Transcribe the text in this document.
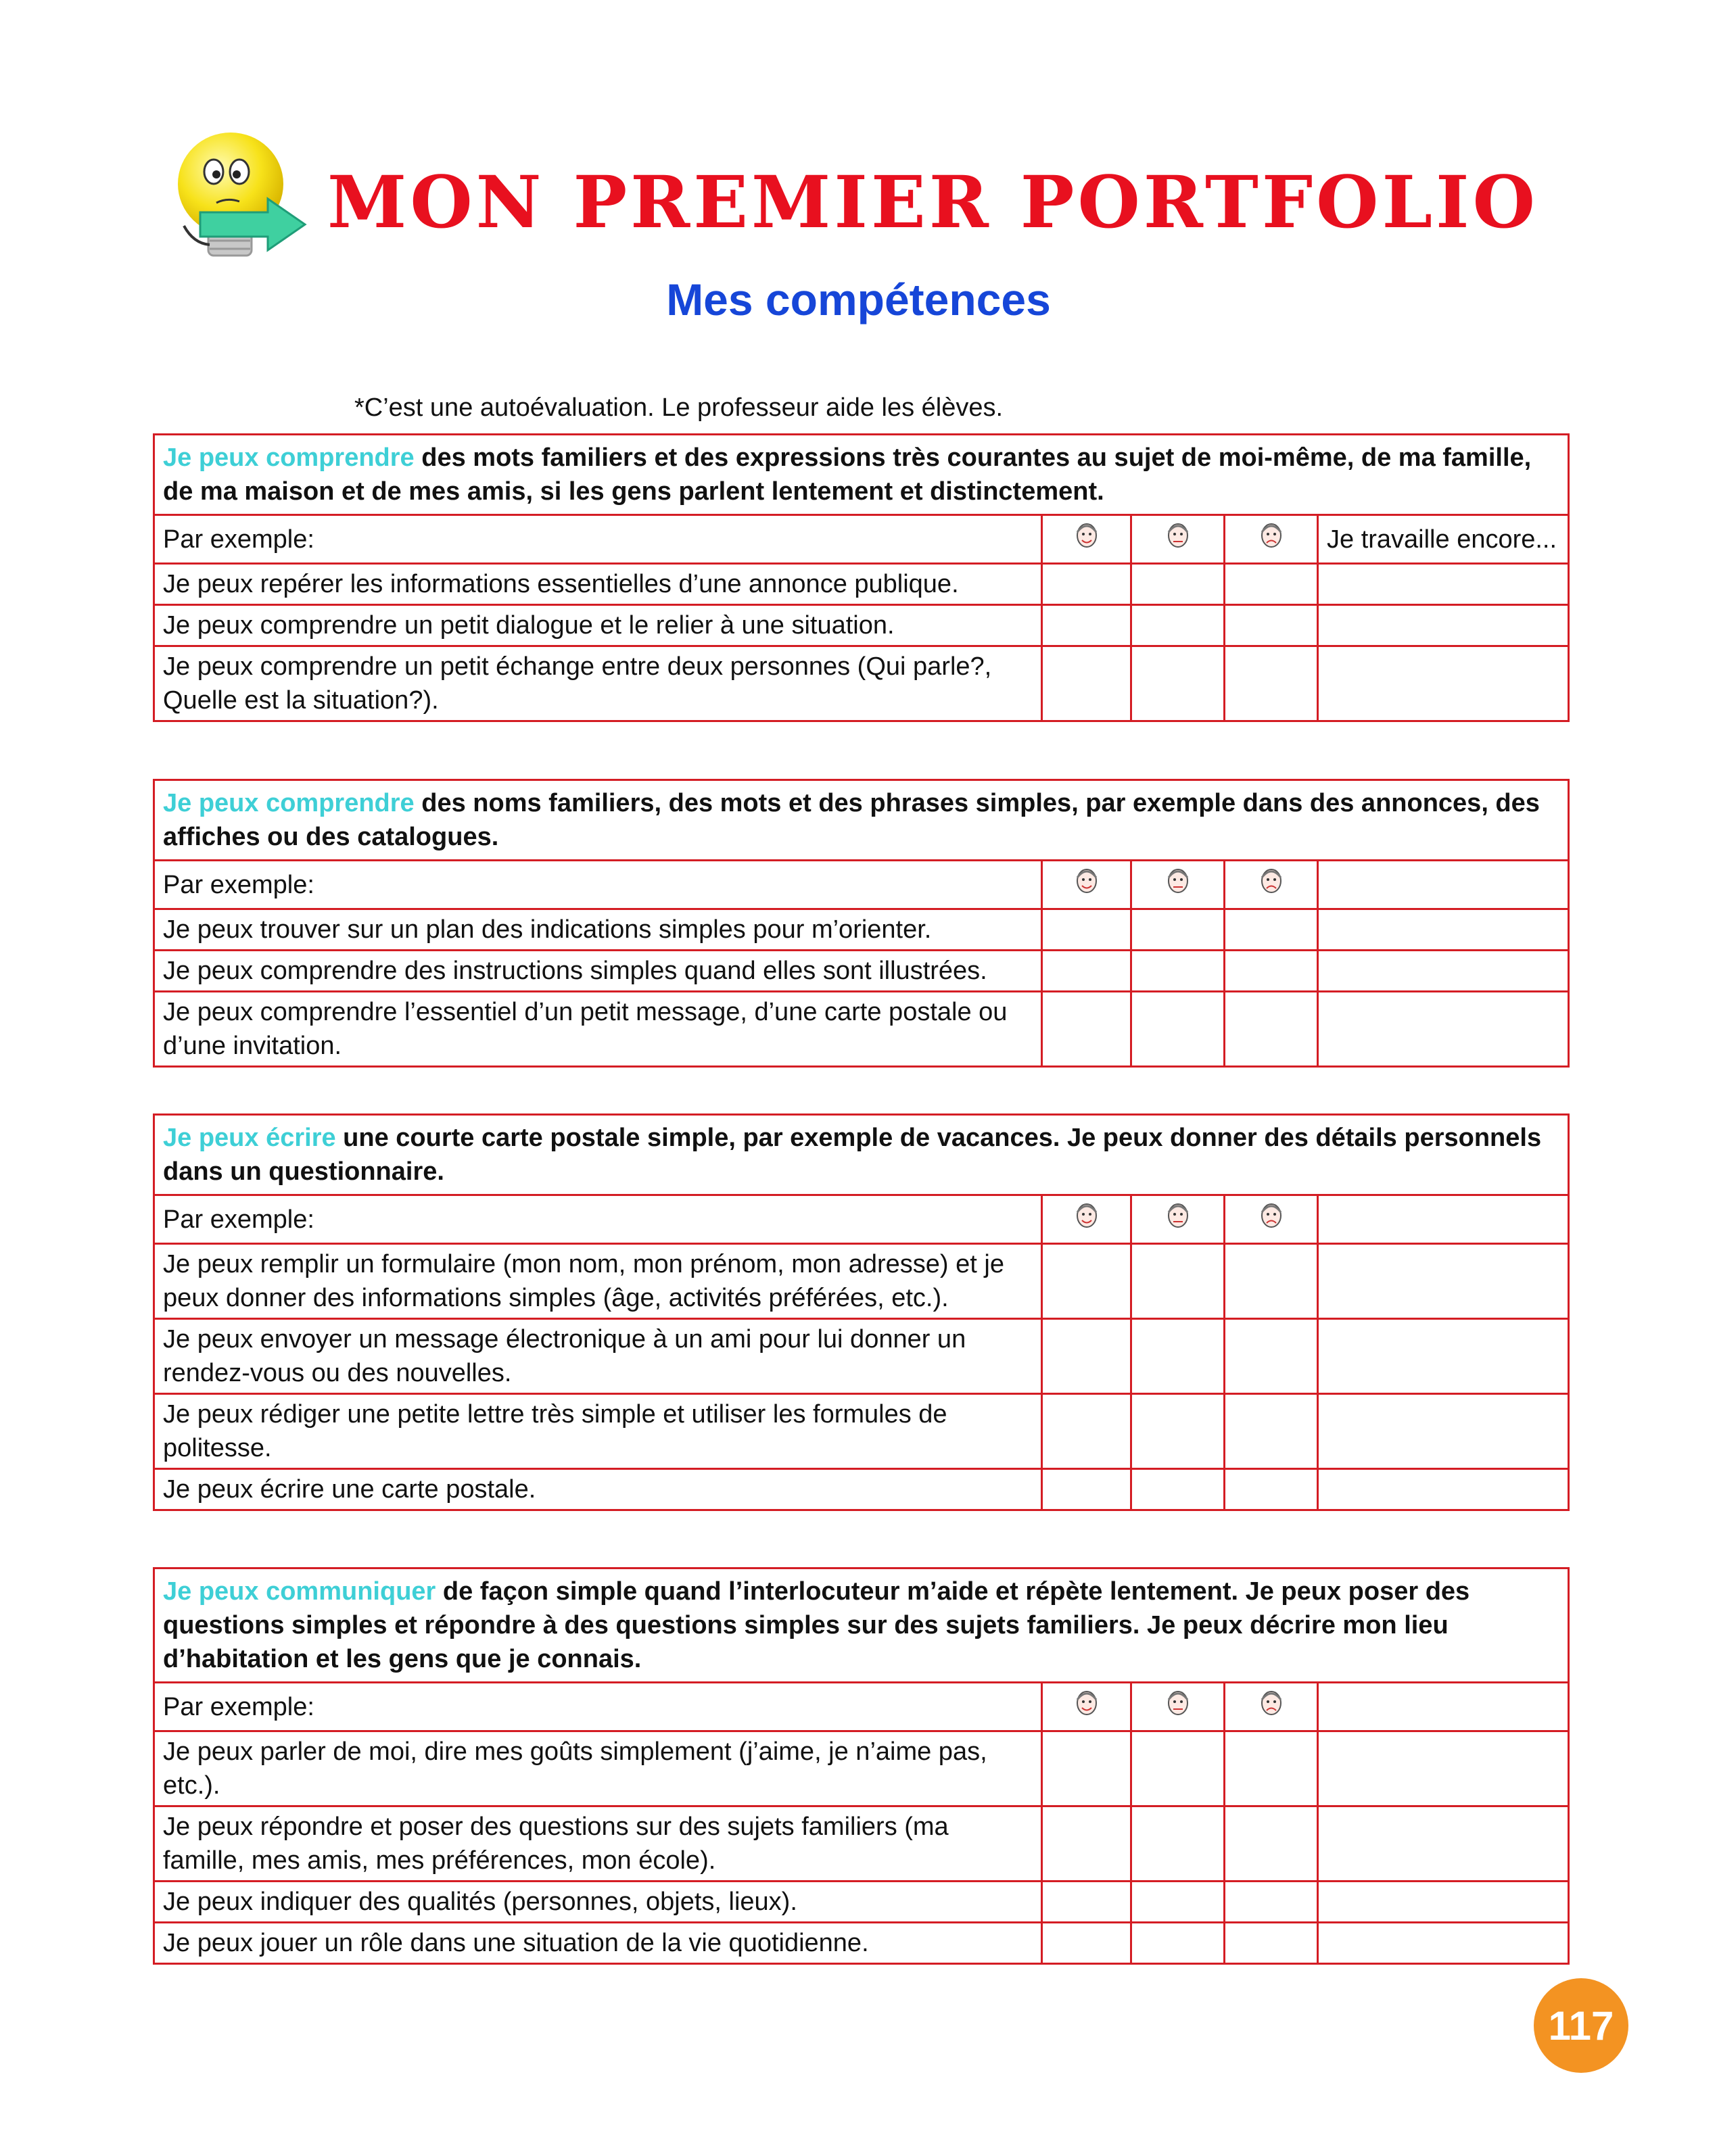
MON PREMIER PORTFOLIO
Mes compétences
*C’est une autoévaluation. Le professeur aide les élèves.
Je peux comprendre des mots familiers et des expressions très courantes au sujet de moi-même, de ma famille, de ma maison et de mes amis, si les gens parlent lentement et distinctement.				
Par exemple:				Je travaille encore...
Je peux repérer les informations essentielles d’une annonce publique.				
Je peux comprendre un petit dialogue et le relier à une situation.				
Je peux comprendre un petit échange entre deux personnes (Qui parle?, Quelle est la situation?).				
Je peux comprendre des noms familiers, des mots et des phrases simples, par exemple dans des annonces, des affiches ou des catalogues.				
Par exemple:				
Je peux trouver sur un plan des indications simples pour m’orienter.				
Je peux comprendre des instructions simples quand elles sont illustrées.				
Je peux comprendre l’essentiel d’un petit message, d’une carte postale ou d’une invitation.				
Je peux écrire une courte carte postale simple, par exemple de vacances. Je peux donner des détails personnels dans un questionnaire.				
Par exemple:				
Je peux remplir un formulaire (mon nom, mon prénom, mon adresse) et je peux donner des informations simples (âge, activités préférées, etc.).				
Je peux envoyer un message électronique à un ami pour lui donner un rendez-vous ou des nouvelles.				
Je peux rédiger une petite lettre très simple et utiliser les formules de politesse.				
Je peux écrire une carte postale.				
Je peux communiquer de façon simple quand l’interlocuteur m’aide et répète lentement. Je peux poser des questions simples et répondre à des questions simples sur des sujets familiers. Je peux décrire mon lieu d’habitation et les gens que je connais.				
Par exemple:				
Je peux parler de moi, dire mes goûts simplement (j’aime, je n’aime pas, etc.).				
Je peux répondre et poser des questions sur des sujets familiers (ma famille, mes amis, mes préférences, mon école).				
Je peux indiquer des qualités (personnes, objets, lieux).				
Je peux jouer un rôle dans une situation de la vie quotidienne.				
117
